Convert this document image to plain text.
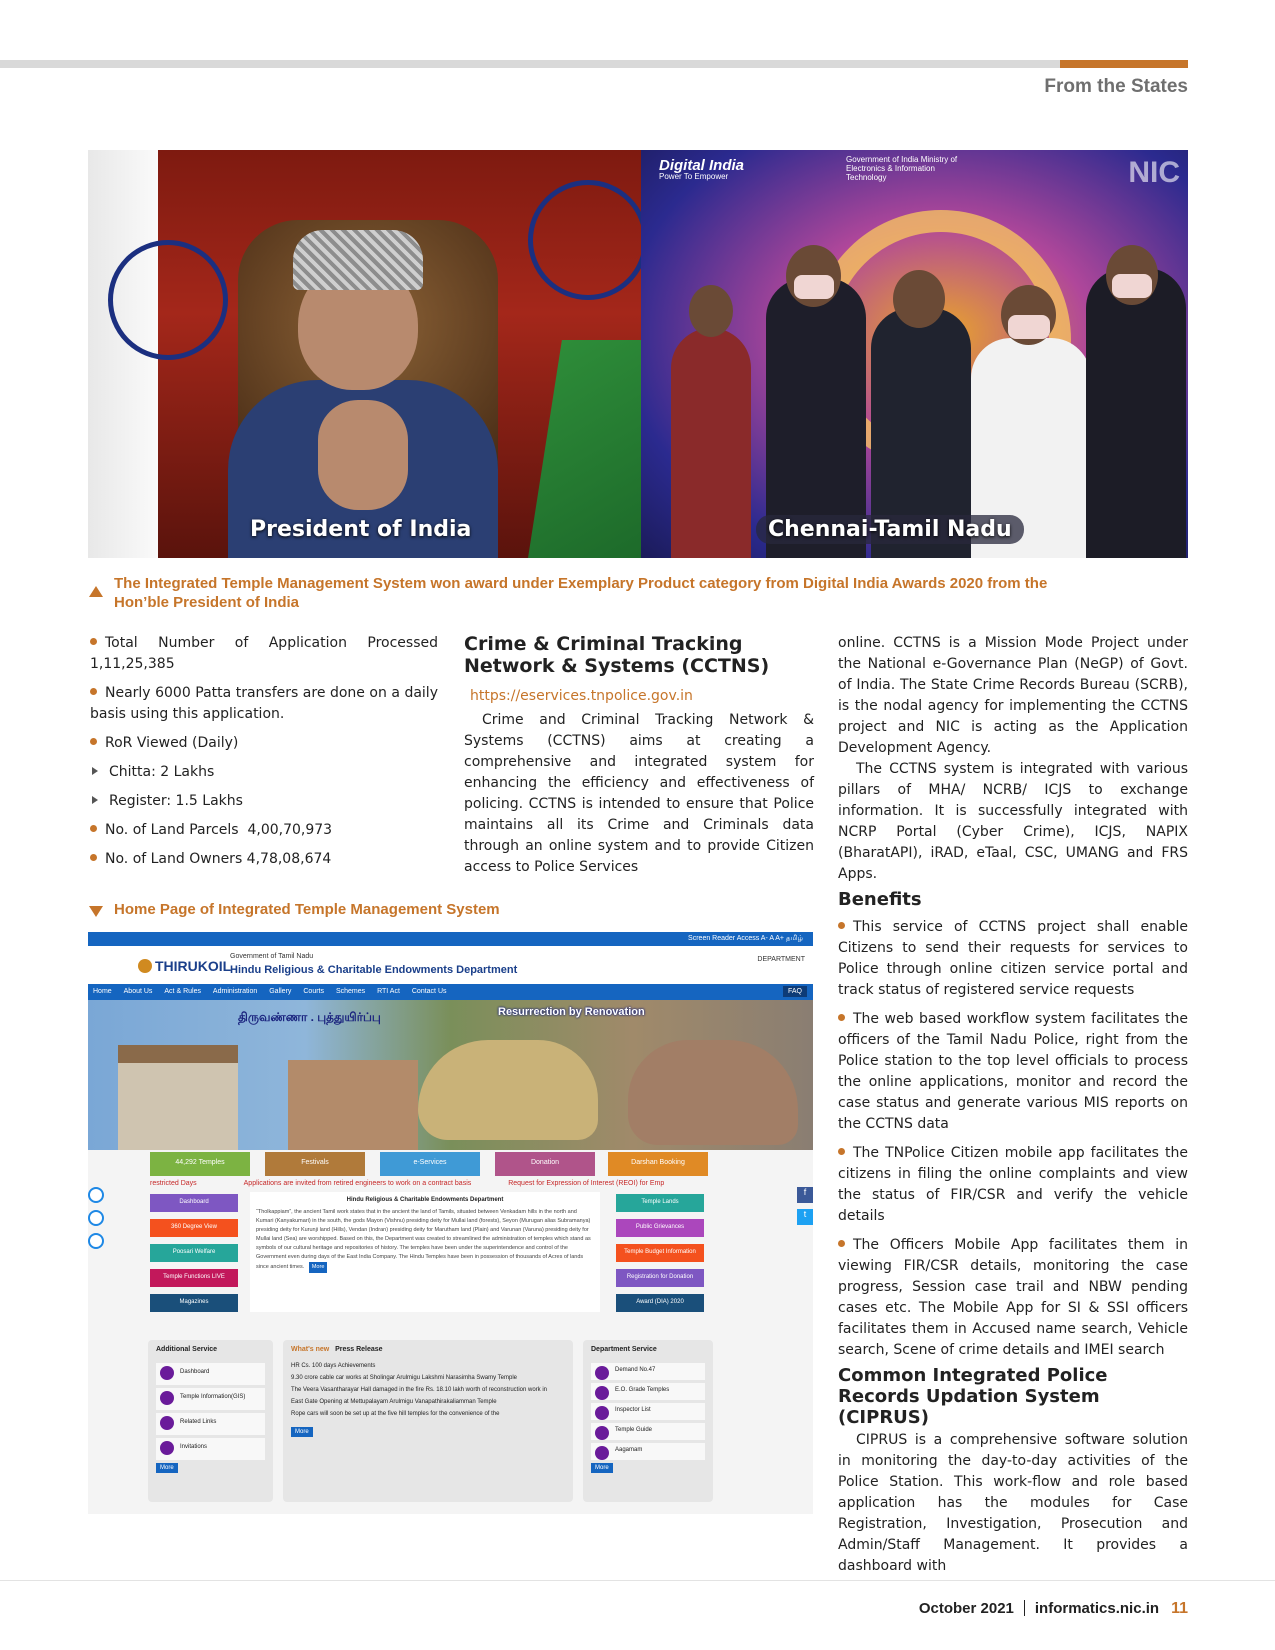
From the States
President of India
Digital India
Power To Empower
Government of India Ministry of Electronics & Information Technology	NIC
Chennai-Tamil Nadu
The Integrated Temple Management System won award under Exemplary Product category from Digital India Awards 2020 from the Hon’ble President of India
Total Number of Application Processed 1,11,25,385
Nearly 6000 Patta transfers are done on a daily basis using this application.
RoR Viewed (Daily)
Chitta: 2 Lakhs
Register: 1.5 Lakhs
No. of Land Parcels  4,00,70,973
No. of Land Owners 4,78,08,674
Crime & Criminal Tracking Network & Systems (CCTNS)
https://eservices.tnpolice.gov.in
Crime and Criminal Tracking Network & Systems (CCTNS) aims at creating a comprehensive and integrated system for enhancing the efficiency and effectiveness of policing. CCTNS is intended to ensure that Police maintains all its Crime and Criminals data through an online system and to provide Citizen access to Police Services
online. CCTNS is a Mission Mode Project under the National e-Governance Plan (NeGP) of Govt. of India. The State Crime Records Bureau (SCRB), is the nodal agency for implementing the CCTNS project and NIC is acting as the Application Development Agency.
The CCTNS system is integrated with various pillars of MHA/ NCRB/ ICJS to exchange information. It is successfully integrated with NCRP Portal (Cyber Crime), ICJS, NAPIX (BharatAPI), iRAD, eTaal, CSC, UMANG and FRS Apps.
Benefits
This service of CCTNS project shall enable Citizens to send their requests for services to Police through online citizen service portal and track status of registered service requests
The web based workflow system facilitates the officers of the Tamil Nadu Police, right from the Police station to the top level officials to process the online applications, monitor and record the case status and generate various MIS reports on the CCTNS data
The TNPolice Citizen mobile app facilitates the citizens in filing the online complaints and view the status of FIR/CSR and verify the vehicle details
The Officers Mobile App facilitates them in viewing FIR/CSR details, monitoring the case progress, Session case trail and NBW pending cases etc. The Mobile App for SI & SSI officers facilitates them in Accused name search, Vehicle search, Scene of crime details and IMEI search
Common Integrated Police Records Updation System (CIPRUS)
CIPRUS is a comprehensive software solution in monitoring the day-to-day activities of the Police Station. This work-flow and role based application has the modules for Case Registration, Investigation, Prosecution and Admin/Staff Management. It provides a dashboard with
Home Page of Integrated Temple Management System
Screen Reader Access A- A A+ தமிழ்
THIRUKOIL
Government of Tamil Nadu
Hindu Religious & Charitable Endowments Department
DEPARTMENT
Home About Us Act & Rules Administration Gallery Courts Schemes RTI Act Contact Us	FAQ
திருவண்ணா . புத்துயிர்ப்பு	Resurrection by Renovation
44,292 Temples	Festivals	e-Services	Donation	Darshan Booking
f
t
restricted Days	Applications are invited from retired engineers to work on a contract basis	Request for Expression of Interest (REOI) for Emp
Dashboard
360 Degree View
Poosari Welfare
Temple Functions LIVE
Magazines
Hindu Religious & Charitable Endowments Department
“Tholkappiam”, the ancient Tamil work states that in the ancient the land of Tamils, situated between Venkadam hills in the north and Kumari (Kanyakumari) in the south, the gods Mayon (Vishnu) presiding deity for Mullai land (forests), Seyon (Murugan alias Subramanya) presiding deity for Kurunji land (Hills), Vendan (Indran) presiding deity for Marutham land (Plain) and Varunan (Varuna) presiding deity for Mullai land (Sea) are worshipped. Based on this, the Department was created to streamlined the administration of temples which stand as symbols of our cultural heritage and repositories of history. The temples have been under the superintendence and control of the Government even during days of the East India Company. The Hindu Temples have been in possession of thousands of Acres of lands since ancient times. More
Temple Lands
Public Grievances
Temple Budget Information
Registration for Donation
Award (DIA) 2020
Additional Service
Dashboard
Temple Information(GIS)
Related Links
Invitations
More
What's new Press Release
HR Cs. 100 days Achievements
9.30 crore cable car works at Sholingar Arulmigu Lakshmi Narasimha Swamy Temple
The Veera Vasantharayar Hall damaged in the fire Rs. 18.10 lakh worth of reconstruction work in
East Gate Opening at Mettupalayam Arulmigu Vanapathirakaliamman Temple
Rope cars will soon be set up at the five hill temples for the convenience of the
More
Department Service
Demand No.47
E.O. Grade Temples
Inspector List
Temple Guide
Aagamam
More
October 2021 informatics.nic.in 11
